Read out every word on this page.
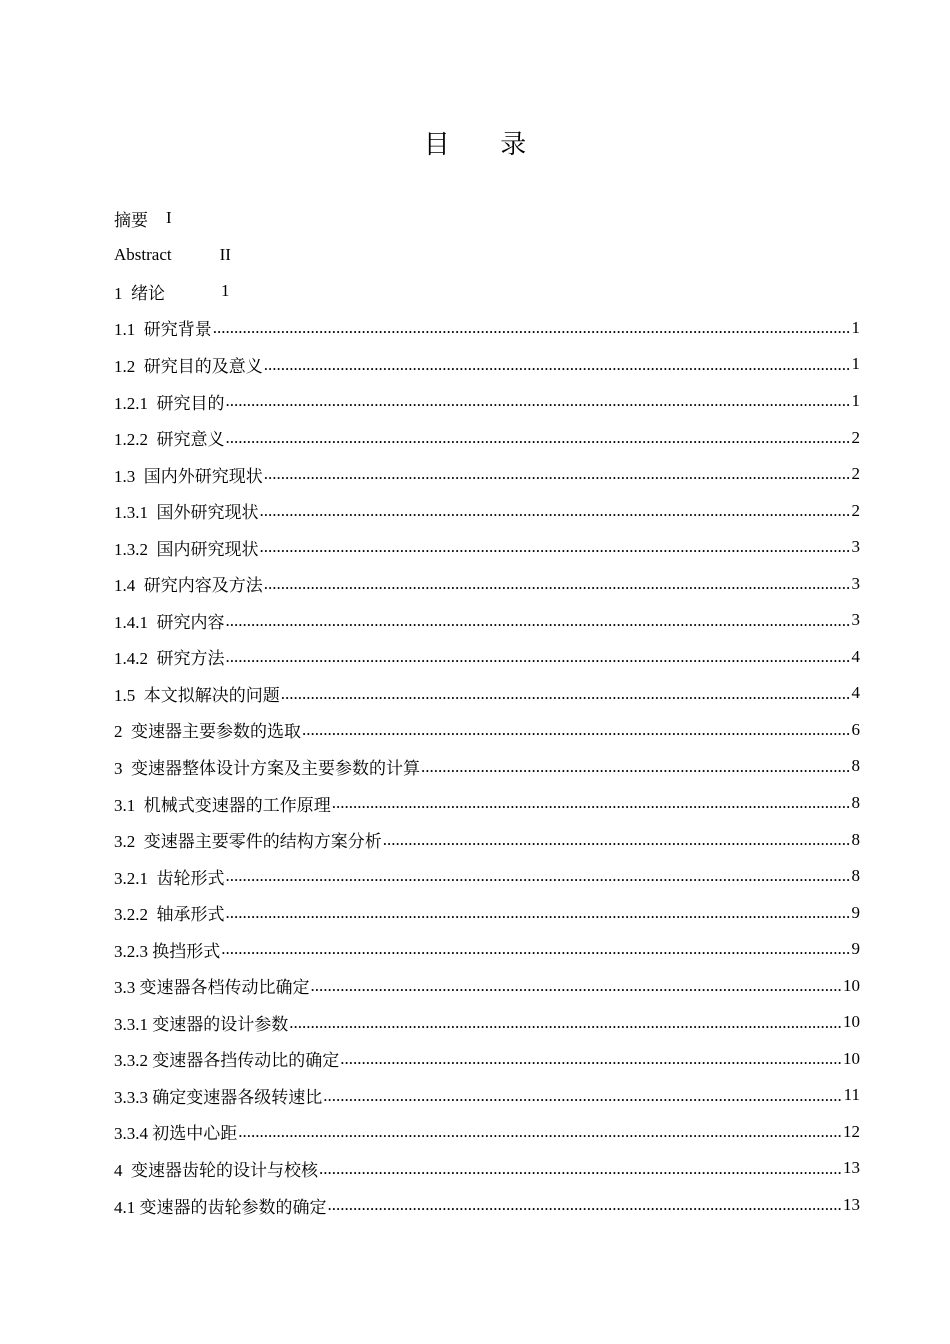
目 录
摘要 I
Abstract	II
1  绪论	1
1.1  研究背景 .....	1
1.2  研究目的及意义 .....	1
1.2.1  研究目的 .....	1
1.2.2  研究意义 .....	2
1.3  国内外研究现状 .....	2
1.3.1  国外研究现状 .....	2
1.3.2  国内研究现状 .....	3
1.4  研究内容及方法 .....	3
1.4.1  研究内容 .....	3
1.4.2  研究方法 .....	4
1.5  本文拟解决的问题 .....	4
2  变速器主要参数的选取 .....	6
3  变速器整体设计方案及主要参数的计算 .....	8
3.1  机械式变速器的工作原理 .....	8
3.2  变速器主要零件的结构方案分析 .....	8
3.2.1  齿轮形式 .....	8
3.2.2  轴承形式 .....	9
3.2.3 换挡形式 .....	9
3.3 变速器各档传动比确定 .....	10
3.3.1 变速器的设计参数 .....	10
3.3.2 变速器各挡传动比的确定 .....	10
3.3.3 确定变速器各级转速比 .....	11
3.3.4 初选中心距 .....	12
4  变速器齿轮的设计与校核 .....	13
4.1 变速器的齿轮参数的确定 .....	13
